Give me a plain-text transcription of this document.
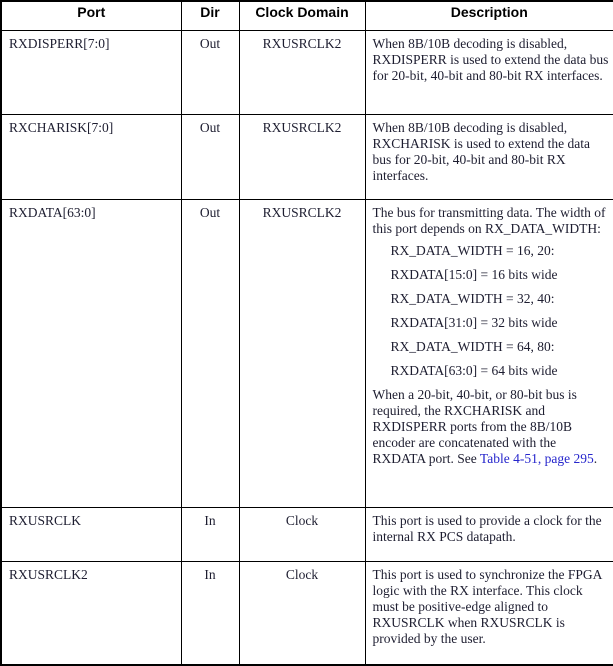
Port	Dir	Clock Domain	Description
RXDISPERR[7:0]	Out	RXUSRCLK2	When 8B/10B decoding is disabled, RXDISPERR is used to extend the data bus for 20-bit, 40-bit and 80-bit RX interfaces.

RXCHARISK[7:0]	Out	RXUSRCLK2	When 8B/10B decoding is disabled, RXCHARISK is used to extend the data bus for 20-bit, 40-bit and 80-bit RX interfaces.

RXDATA[63:0]	Out	RXUSRCLK2	The bus for transmitting data. The width of this port depends on RX_DATA_WIDTH:

RX_DATA_WIDTH = 16, 20:

RXDATA[15:0] = 16 bits wide

RX_DATA_WIDTH = 32, 40:

RXDATA[31:0] = 32 bits wide

RX_DATA_WIDTH = 64, 80:

RXDATA[63:0] = 64 bits wide

When a 20-bit, 40-bit, or 80-bit bus is required, the RXCHARISK and RXDISPERR ports from the 8B/10B encoder are concatenated with the RXDATA port. See Table 4-51, page 295.

RXUSRCLK	In	Clock	This port is used to provide a clock for the internal RX PCS datapath.

RXUSRCLK2	In	Clock	This port is used to synchronize the FPGA logic with the RX interface. This clock must be positive-edge aligned to RXUSRCLK when RXUSRCLK is provided by the user.
